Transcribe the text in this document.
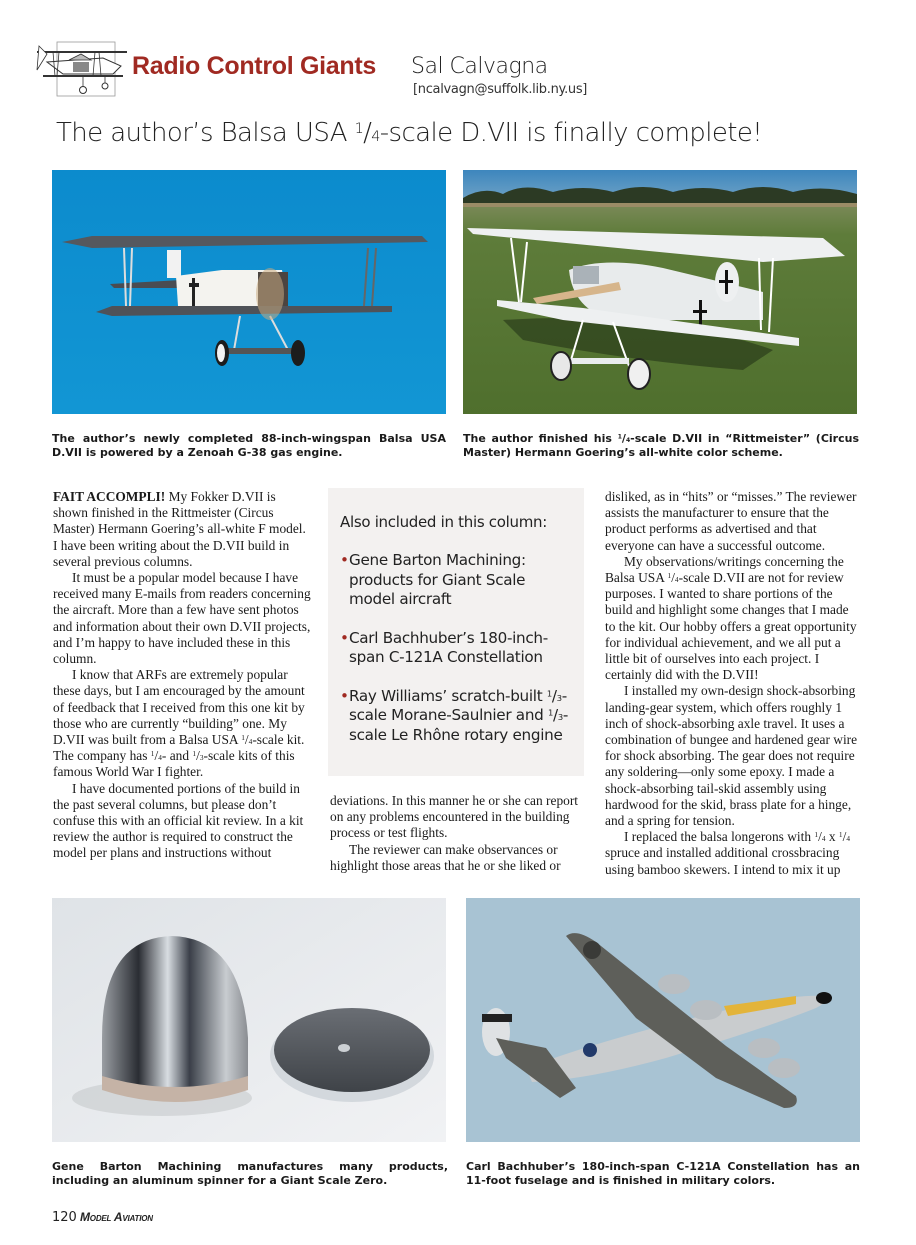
Radio Control Giants Sal Calvagna
[ncalvagn@suffolk.lib.ny.us]
The author’s Balsa USA $^1$/4-scale D.VII is finally complete!
The author’s newly completed 88-inch-wingspan Balsa USA D.VII is powered by a Zenoah G-38 gas engine.
The author finished his $^1$/4-scale D.VII in “Rittmeister” (Circus Master) Hermann Goering’s all-white color scheme.

FAIT ACCOMPLI! My Fokker D.VII is shown finished in the Rittmeister (Circus Master) Hermann Goering’s all-white F model. I have been writing about the D.VII build in several previous columns.

It must be a popular model because I have received many E-mails from readers concerning the aircraft. More than a few have sent photos and information about their own D.VII projects, and I’m happy to have included these in this column.

I know that ARFs are extremely popular these days, but I am encouraged by the amount of feedback that I received from this one kit by those who are currently “building” one. My D.VII was built from a Balsa USA $^1$/4-scale kit. The company has $^1$/4- and $^1$/3-scale kits of this famous World War I fighter.

I have documented portions of the build in the past several columns, but please don’t confuse this with an official kit review. In a kit review the author is required to construct the model per plans and instructions without

Also included in this column:
•Gene Barton Machining: products for Giant Scale model aircraft
•Carl Bachhuber’s 180-inch-span C-121A Constellation
•Ray Williams’ scratch-built $^1$/3-scale Morane-Saulnier and $^1$/3-scale Le Rhône rotary engine

deviations. In this manner he or she can report on any problems encountered in the building process or test flights.

The reviewer can make observances or highlight those areas that he or she liked or

disliked, as in “hits” or “misses.” The reviewer assists the manufacturer to ensure that the product performs as advertised and that everyone can have a successful outcome.

My observations/writings concerning the Balsa USA $^1$/4-scale D.VII are not for review purposes. I wanted to share portions of the build and highlight some changes that I made to the kit. Our hobby offers a great opportunity for individual achievement, and we all put a little bit of ourselves into each project. I certainly did with the D.VII!

I installed my own-design shock-absorbing landing-gear system, which offers roughly 1 inch of shock-absorbing axle travel. It uses a combination of bungee and hardened gear wire for shock absorbing. The gear does not require any soldering—only some epoxy. I made a shock-absorbing tail-skid assembly using hardwood for the skid, brass plate for a hinge, and a spring for tension.

I replaced the balsa longerons with $^1$/4 x $^1$/4 spruce and installed additional crossbracing using bamboo skewers. I intend to mix it up

Gene Barton Machining manufactures many products, including an aluminum spinner for a Giant Scale Zero.
Carl Bachhuber’s 180-inch-span C-121A Constellation has an 11-foot fuselage and is finished in military colors.
120 Model Aviation
